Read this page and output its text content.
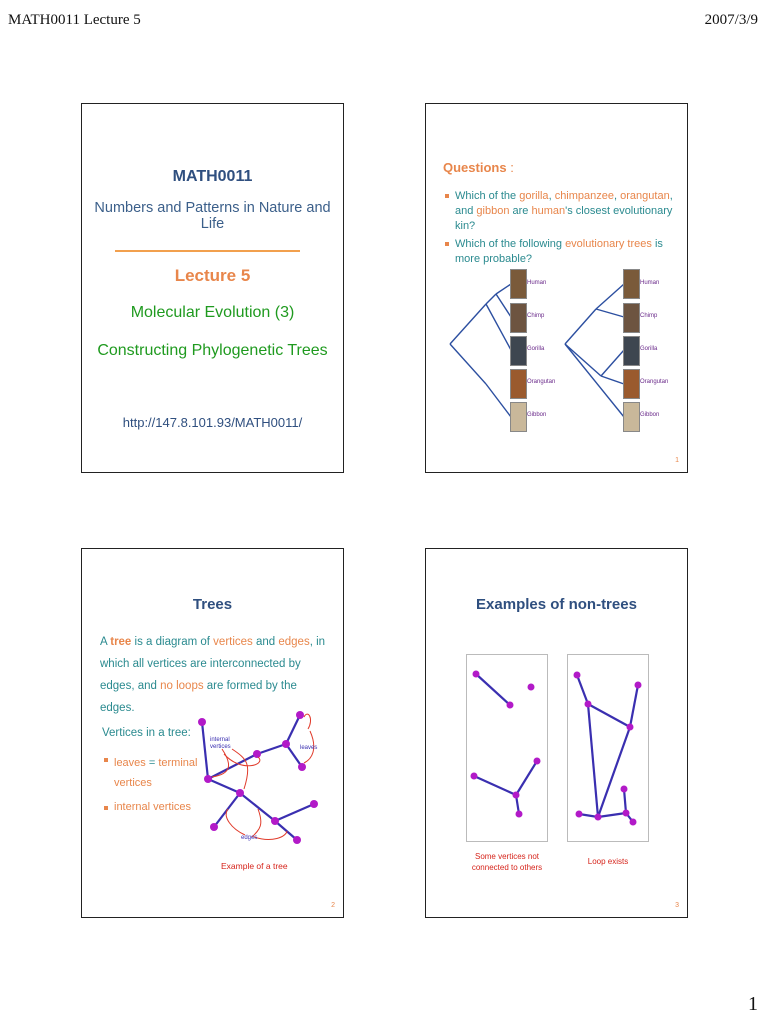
MATH0011 Lecture 5	2007/3/9
MATH0011
Numbers and Patterns in Nature and Life
Lecture 5
Molecular Evolution (3)
Constructing Phylogenetic Trees
http://147.8.101.93/MATH0011/
Questions :
Which of the gorilla, chimpanzee, orangutan, and gibbon are human's closest evolutionary kin?
Which of the following evolutionary trees is more probable?
Human
Chimp
Gorilla
Orangutan
Gibbon
Human
Chimp
Gorilla
Orangutan
Gibbon
1
Trees
A tree is a diagram of vertices and edges, in which all vertices are interconnected by edges, and no loops are formed by the edges.
Vertices in a tree:
leaves = terminal vertices
internal vertices
internal vertices	leaves
edges
Example of a tree
2
Examples of non-trees
Some vertices not connected to others
Loop exists
3
1
